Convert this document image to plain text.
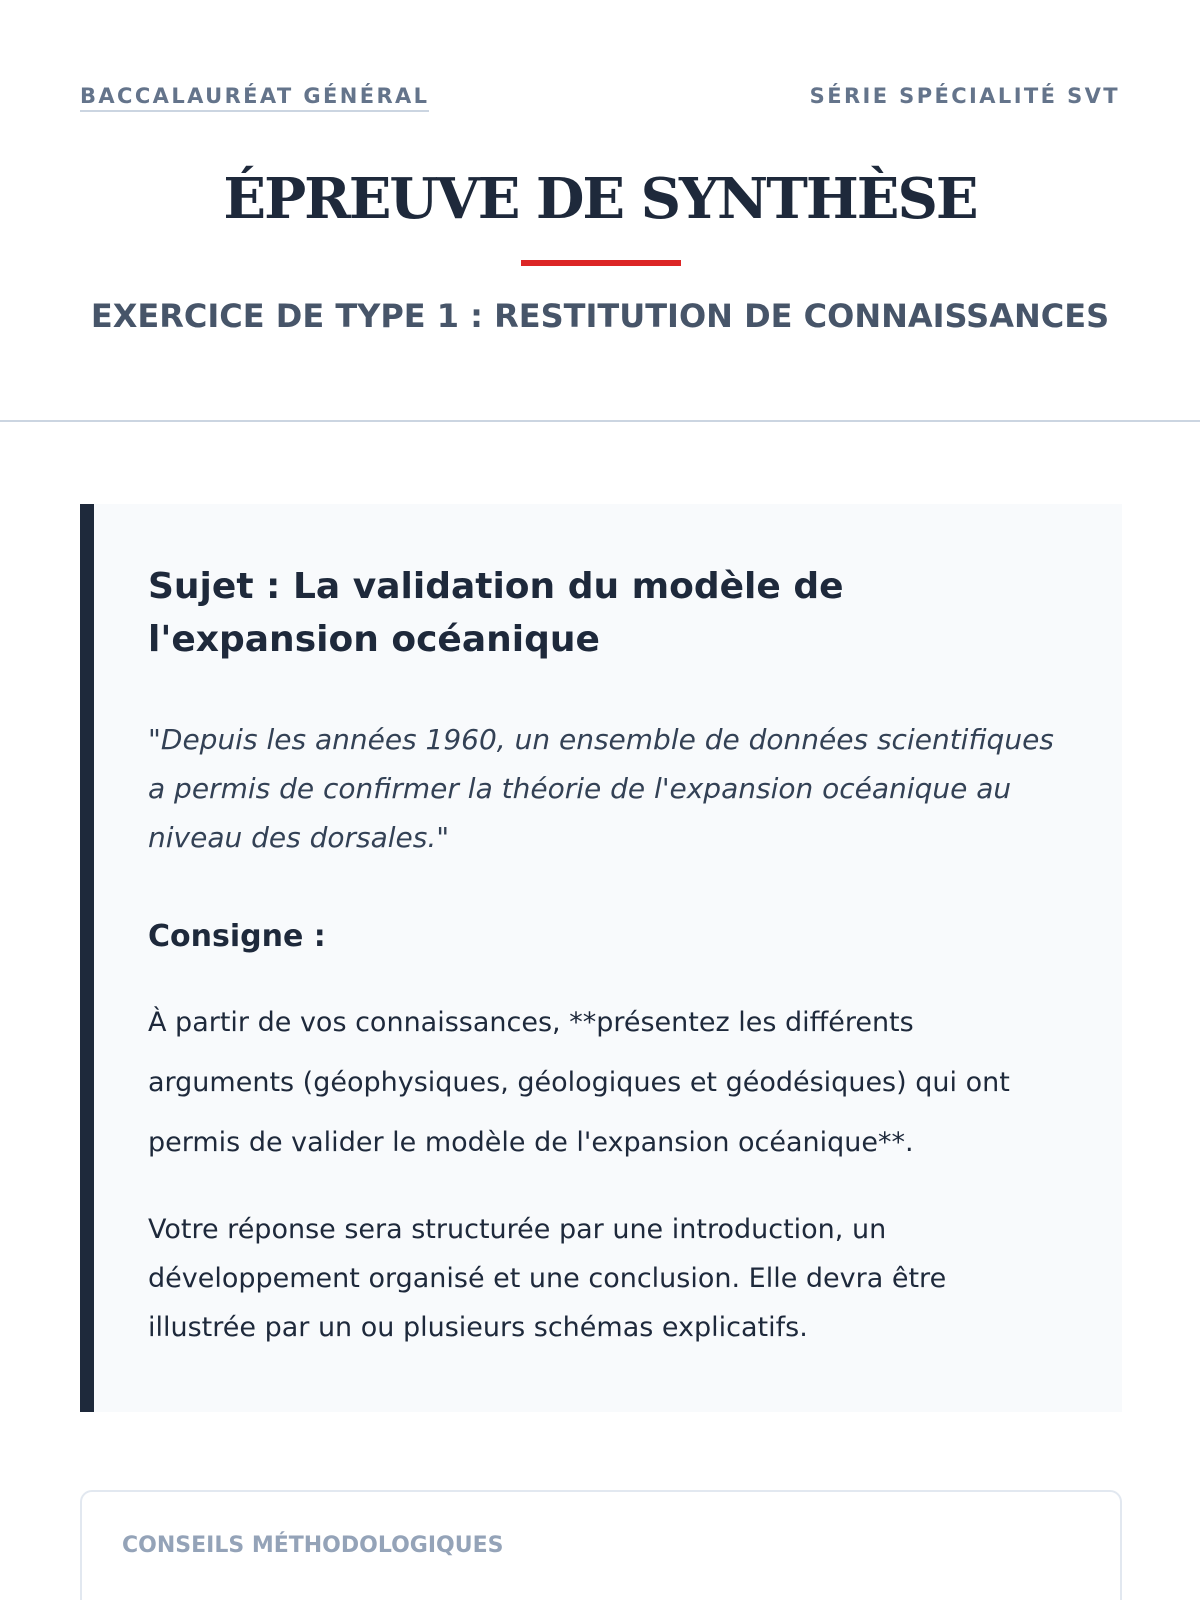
BACCALAURÉAT GÉNÉRAL	SÉRIE SPÉCIALITÉ SVT
ÉPREUVE DE SYNTHÈSE
EXERCICE DE TYPE 1 : RESTITUTION DE CONNAISSANCES
Sujet : La validation du modèle de l'expansion océanique

"Depuis les années 1960, un ensemble de données scientifiques a permis de confirmer la théorie de l'expansion océanique au niveau des dorsales."

Consigne :

À partir de vos connaissances, **présentez les différents arguments (géophysiques, géologiques et géodésiques) qui ont permis de valider le modèle de l'expansion océanique**.

Votre réponse sera structurée par une introduction, un développement organisé et une conclusion. Elle devra être illustrée par un ou plusieurs schémas explicatifs.

CONSEILS MÉTHODOLOGIQUES
